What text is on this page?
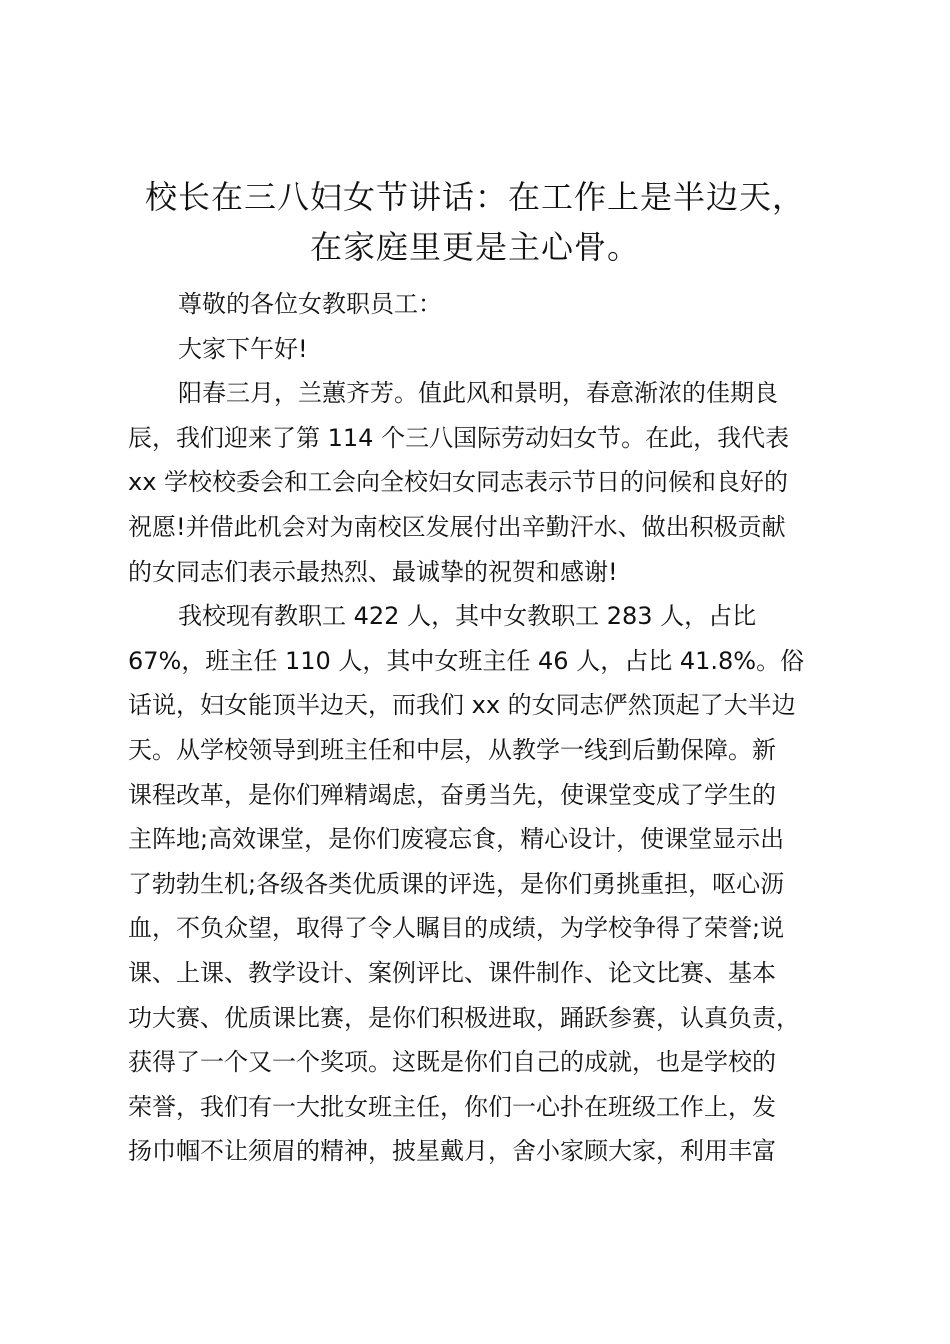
校长在三八妇女节讲话：在工作上是半边天，
在家庭里更是主心骨。
尊敬的各位女教职员工：
大家下午好!
阳春三月，兰蕙齐芳。值此风和景明，春意渐浓的佳期良
辰，我们迎来了第 114 个三八国际劳动妇女节。在此，我代表
xx 学校校委会和工会向全校妇女同志表示节日的问候和良好的
祝愿!并借此机会对为南校区发展付出辛勤汗水、做出积极贡献
的女同志们表示最热烈、最诚挚的祝贺和感谢!
我校现有教职工 422 人，其中女教职工 283 人，占比
67%，班主任 110 人，其中女班主任 46 人，占比 41.8%。俗
话说，妇女能顶半边天，而我们 xx 的女同志俨然顶起了大半边
天。从学校领导到班主任和中层，从教学一线到后勤保障。新
课程改革，是你们殚精竭虑，奋勇当先，使课堂变成了学生的
主阵地;高效课堂，是你们废寝忘食，精心设计，使课堂显示出
了勃勃生机;各级各类优质课的评选，是你们勇挑重担，呕心沥
血，不负众望，取得了令人瞩目的成绩，为学校争得了荣誉;说
课、上课、教学设计、案例评比、课件制作、论文比赛、基本
功大赛、优质课比赛，是你们积极进取，踊跃参赛，认真负责，
获得了一个又一个奖项。这既是你们自己的成就，也是学校的
荣誉，我们有一大批女班主任，你们一心扑在班级工作上，发
扬巾帼不让须眉的精神，披星戴月，舍小家顾大家，利用丰富
